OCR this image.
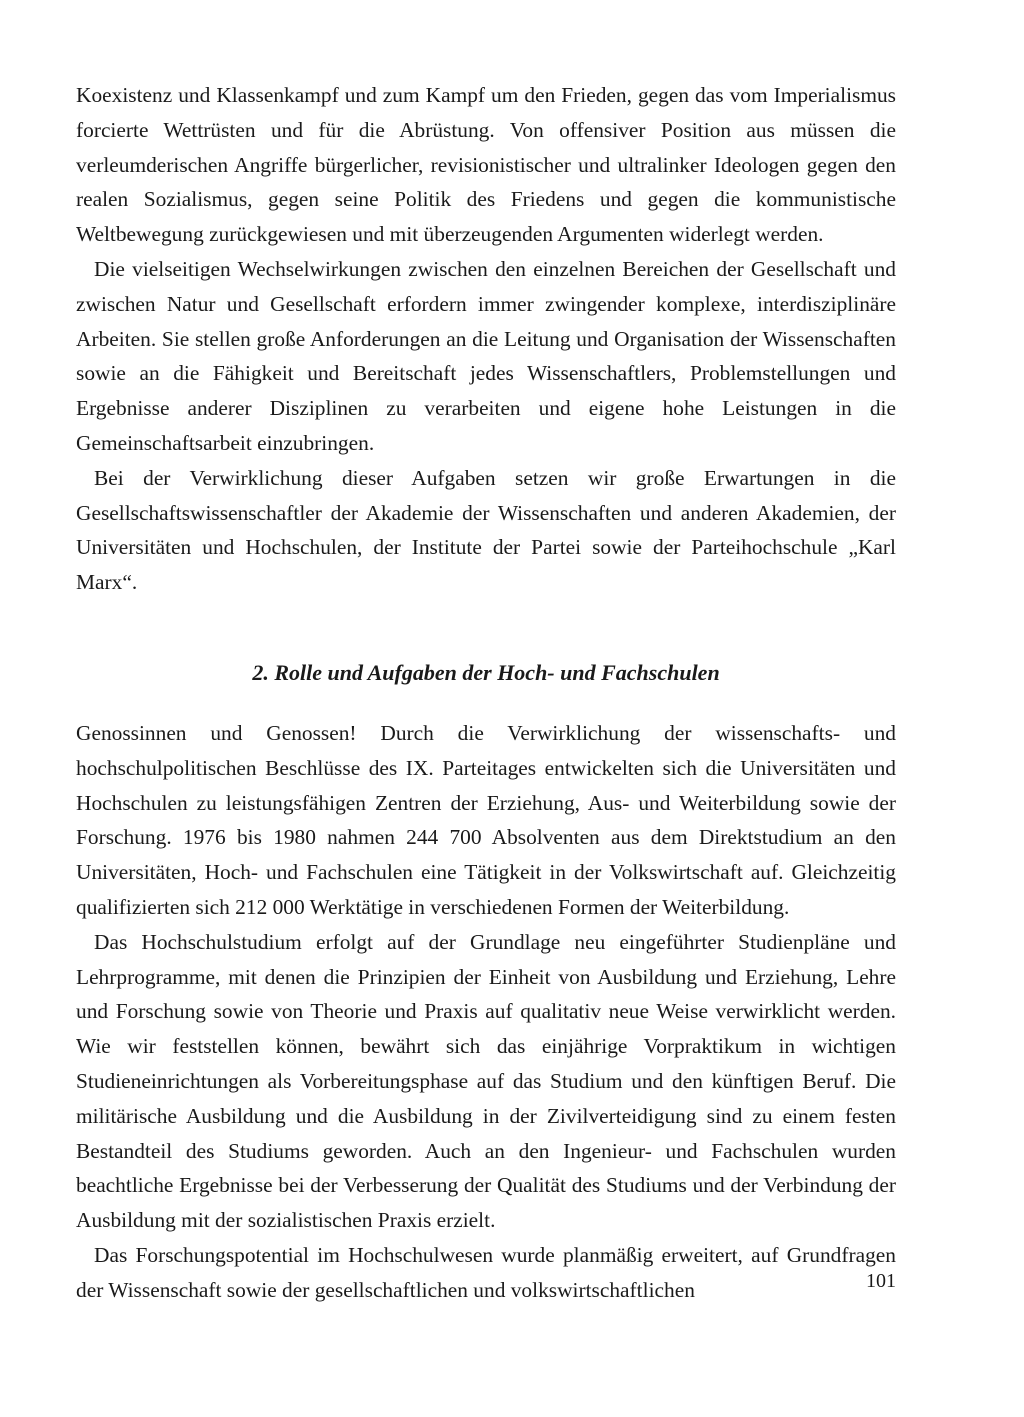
Koexistenz und Klassenkampf und zum Kampf um den Frieden, gegen das vom Imperialismus forcierte Wettrüsten und für die Abrüstung. Von offensiver Position aus müssen die verleumderischen Angriffe bürgerlicher, revisionistischer und ultralinker Ideologen gegen den realen Sozialismus, gegen seine Politik des Friedens und gegen die kommunistische Weltbewegung zurückgewiesen und mit überzeugenden Argumenten widerlegt werden.

Die vielseitigen Wechselwirkungen zwischen den einzelnen Bereichen der Gesellschaft und zwischen Natur und Gesellschaft erfordern immer zwingender komplexe, interdisziplinäre Arbeiten. Sie stellen große Anforderungen an die Leitung und Organisation der Wissenschaften sowie an die Fähigkeit und Bereitschaft jedes Wissenschaftlers, Problemstellungen und Ergebnisse anderer Disziplinen zu verarbeiten und eigene hohe Leistungen in die Gemeinschaftsarbeit einzubringen.

Bei der Verwirklichung dieser Aufgaben setzen wir große Erwartungen in die Gesellschaftswissenschaftler der Akademie der Wissenschaften und anderen Akademien, der Universitäten und Hochschulen, der Institute der Partei sowie der Parteihochschule „Karl Marx“.

2. Rolle und Aufgaben der Hoch- und Fachschulen

Genossinnen und Genossen! Durch die Verwirklichung der wissenschafts- und hochschulpolitischen Beschlüsse des IX. Parteitages entwickelten sich die Universitäten und Hochschulen zu leistungsfähigen Zentren der Erziehung, Aus- und Weiterbildung sowie der Forschung. 1976 bis 1980 nahmen 244 700 Absolventen aus dem Direktstudium an den Universitäten, Hoch- und Fachschulen eine Tätigkeit in der Volkswirtschaft auf. Gleichzeitig qualifizierten sich 212 000 Werktätige in verschiedenen Formen der Weiterbildung.

Das Hochschulstudium erfolgt auf der Grundlage neu eingeführter Studienpläne und Lehrprogramme, mit denen die Prinzipien der Einheit von Ausbildung und Erziehung, Lehre und Forschung sowie von Theorie und Praxis auf qualitativ neue Weise verwirklicht werden. Wie wir feststellen können, bewährt sich das einjährige Vorpraktikum in wichtigen Studieneinrichtungen als Vorbereitungsphase auf das Studium und den künftigen Beruf. Die militärische Ausbildung und die Ausbildung in der Zivilverteidigung sind zu einem festen Bestandteil des Studiums geworden. Auch an den Ingenieur- und Fachschulen wurden beachtliche Ergebnisse bei der Verbesserung der Qualität des Studiums und der Verbindung der Ausbildung mit der sozialistischen Praxis erzielt.

Das Forschungspotential im Hochschulwesen wurde planmäßig erweitert, auf Grundfragen der Wissenschaft sowie der gesellschaftlichen und volkswirtschaftlichen	101
